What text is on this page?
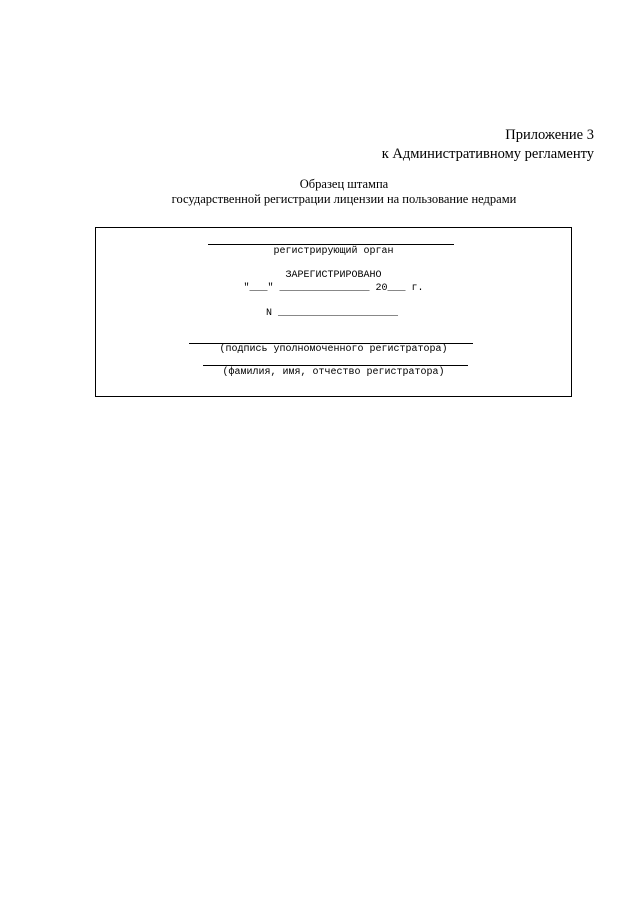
Приложение 3
к Административному регламенту
Образец штампа
государственной регистрации лицензии на пользование недрами
регистрирующий орган
ЗАРЕГИСТРИРОВАНО
"___" _______________ 20___ г.
N ____________________
(подпись уполномоченного регистратора)
(фамилия, имя, отчество регистратора)
